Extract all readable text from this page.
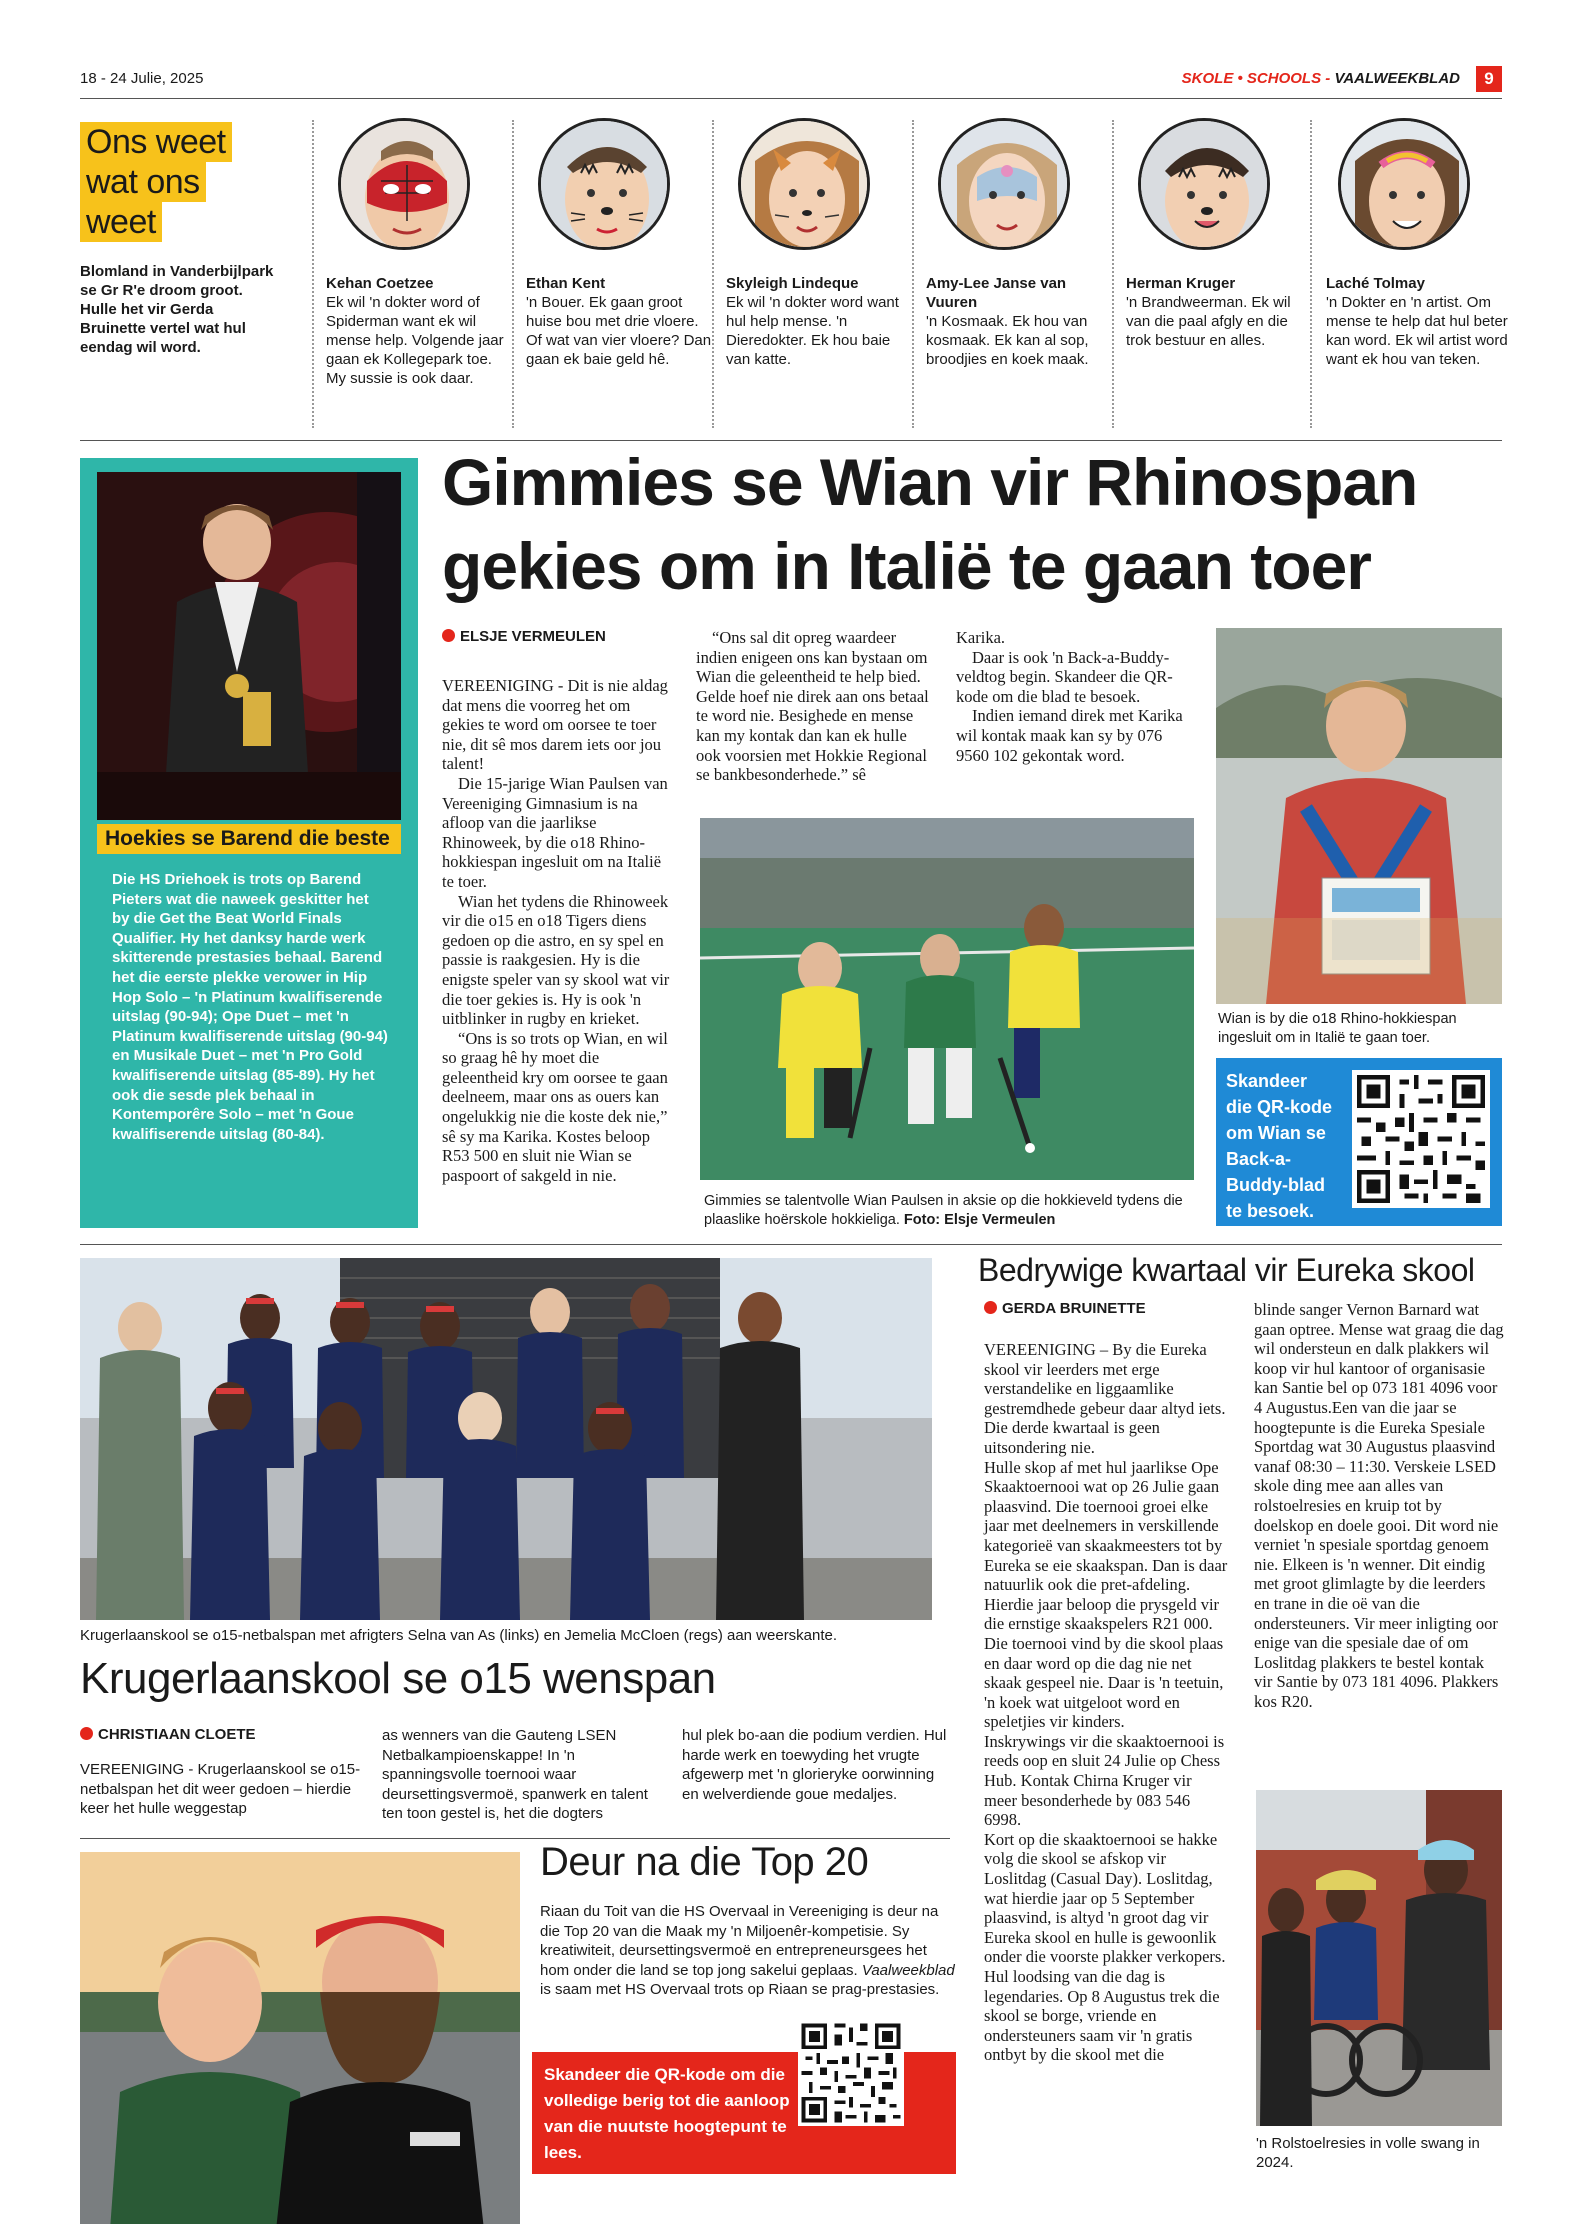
18 - 24 Julie, 2025	SKOLE • SCHOOLS - VAALWEEKBLAD	9
Ons weet
wat ons
weet
Blomland in Vanderbijlpark se Gr R'e droom groot. Hulle het vir Gerda Bruinette vertel wat hul eendag wil word.
Kehan Coetzee
Ek wil 'n dokter word of Spiderman want ek wil mense help. Volgende jaar gaan ek Kollegepark toe. My sussie is ook daar.
Ethan Kent
'n Bouer. Ek gaan groot huise bou met drie vloere. Of wat van vier vloere? Dan gaan ek baie geld hê.
Skyleigh Lindeque
Ek wil 'n dokter word want hul help mense. 'n Dieredokter. Ek hou baie van katte.
Amy-Lee Janse van Vuuren
'n Kosmaak. Ek hou van kosmaak. Ek kan al sop, broodjies en koek maak.
Herman Kruger
'n Brandweerman. Ek wil van die paal afgly en die trok bestuur en alles.
Laché Tolmay
'n Dokter en 'n artist. Om mense te help dat hul beter kan word. Ek wil artist word want ek hou van teken.
Hoekies se Barend die beste
Die HS Driehoek is trots op Barend Pieters wat die naweek geskitter het by die Get the Beat World Finals Qualifier. Hy het danksy harde werk skitterende prestasies behaal. Barend het die eerste plekke verower in Hip Hop Solo – 'n Platinum kwalifiserende uitslag (90-94); Ope Duet – met 'n Platinum kwalifiserende uitslag (90-94) en Musikale Duet – met 'n Pro Gold kwalifiserende uitslag (85-89). Hy het ook die sesde plek behaal in Kontemporêre Solo – met 'n Goue kwalifiserende uitslag (80-84).
Gimmies se Wian vir Rhinospan gekies om in Italië te gaan toer
ELSJE VERMEULEN

VEREENIGING - Dit is nie aldag dat mens die voorreg het om gekies te word om oorsee te toer nie, dit sê mos darem iets oor jou talent!

Die 15-jarige Wian Paulsen van Vereeniging Gimnasium is na afloop van die jaarlikse Rhinoweek, by die o18 Rhino-hokkiespan ingesluit om na Italië te toer.

Wian het tydens die Rhinoweek vir die o15 en o18 Tigers diens gedoen op die astro, en sy spel en passie is raakgesien. Hy is die enigste speler van sy skool wat vir die toer gekies is. Hy is ook 'n uitblinker in rugby en krieket.

“Ons is so trots op Wian, en wil so graag hê hy moet die geleentheid kry om oorsee te gaan deelneem, maar ons as ouers kan ongelukkig nie die koste dek nie,” sê sy ma Karika. Kostes beloop R53 500 en sluit nie Wian se paspoort of sakgeld in nie.

“Ons sal dit opreg waardeer indien enigeen ons kan bystaan om Wian die geleentheid te help bied. Gelde hoef nie direk aan ons betaal te word nie. Besighede en mense kan my kontak dan kan ek hulle ook voorsien met Hokkie Regional se bankbesonderhede.” sê

Karika.

Daar is ook 'n Back-a-Buddy-veldtog begin. Skandeer die QR-kode om die blad te besoek.

Indien iemand direk met Karika wil kontak maak kan sy by 076 9560 102 gekontak word.

Gimmies se talentvolle Wian Paulsen in aksie op die hokkieveld tydens die plaaslike hoërskole hokkieliga. Foto: Elsje Vermeulen
Wian is by die o18 Rhino-hokkiespan ingesluit om in Italië te gaan toer.
Skandeer die QR-kode om Wian se Back-a-Buddy-blad te besoek.
Krugerlaanskool se o15-netbalspan met afrigters Selna van As (links) en Jemelia McCloen (regs) aan weerskante.
Krugerlaanskool se o15 wenspan
CHRISTIAAN CLOETE
VEREENIGING - Krugerlaanskool se o15-netbalspan het dit weer gedoen – hierdie keer het hulle weggestap
as wenners van die Gauteng LSEN Netbalkampioenskappe! In 'n spanningsvolle toernooi waar deursettingsvermoë, spanwerk en talent ten toon gestel is, het die dogters
hul plek bo-aan die podium verdien. Hul harde werk en toewyding het vrugte afgewerp met 'n glorieryke oorwinning en welverdiende goue medaljes.
Deur na die Top 20
Riaan du Toit van die HS Overvaal in Vereeniging is deur na die Top 20 van die Maak my 'n Miljoenêr-kompetisie. Sy kreatiwiteit, deursettingsvermoë en entrepreneursgees het hom onder die land se top jong sakelui geplaas. Vaalweekblad is saam met HS Overvaal trots op Riaan se prag-prestasies.
Skandeer die QR-kode om die volledige berig tot die aanloop van die nuutste hoogtepunt te lees.
Bedrywige kwartaal vir Eureka skool
GERDA BRUINETTE

VEREENIGING – By die Eureka skool vir leerders met erge verstandelike en liggaamlike gestremdhede gebeur daar altyd iets. Die derde kwartaal is geen uitsondering nie.

Hulle skop af met hul jaarlikse Ope Skaaktoernooi wat op 26 Julie gaan plaasvind. Die toernooi groei elke jaar met deelnemers in verskillende kategorieë van skaakmeesters tot by Eureka se eie skaakspan. Dan is daar natuurlik ook die pret-afdeling.

Hierdie jaar beloop die prysgeld vir die ernstige skaakspelers R21 000. Die toernooi vind by die skool plaas en daar word op die dag nie net skaak gespeel nie. Daar is 'n teetuin, 'n koek wat uitgeloot word en speletjies vir kinders.

Inskrywings vir die skaaktoernooi is reeds oop en sluit 24 Julie op Chess Hub. Kontak Chirna Kruger vir meer besonderhede by 083 546 6998.

Kort op die skaaktoernooi se hakke volg die skool se afskop vir Loslitdag (Casual Day). Loslitdag, wat hierdie jaar op 5 September plaasvind, is altyd 'n groot dag vir Eureka skool en hulle is gewoonlik onder die voorste plakker verkopers.

Hul loodsing van die dag is legendaries. Op 8 Augustus trek die skool se borge, vriende en ondersteuners saam vir 'n gratis ontbyt by die skool met die

blinde sanger Vernon Barnard wat gaan optree. Mense wat graag die dag wil ondersteun en dalk plakkers wil koop vir hul kantoor of organisasie kan Santie bel op 073 181 4096 voor 4 Augustus.Een van die jaar se hoogtepunte is die Eureka Spesiale Sportdag wat 30 Augustus plaasvind vanaf 08:30 – 11:30. Verskeie LSED skole ding mee aan alles van rolstoelresies en kruip tot by doelskop en doele gooi. Dit word nie verniet 'n spesiale sportdag genoem nie. Elkeen is 'n wenner. Dit eindig met groot glimlagte by die leerders en trane in die oë van die ondersteuners. Vir meer inligting oor enige van die spesiale dae of om Loslitdag plakkers te bestel kontak vir Santie by 073 181 4096. Plakkers kos R20.

'n Rolstoelresies in volle swang in 2024.
